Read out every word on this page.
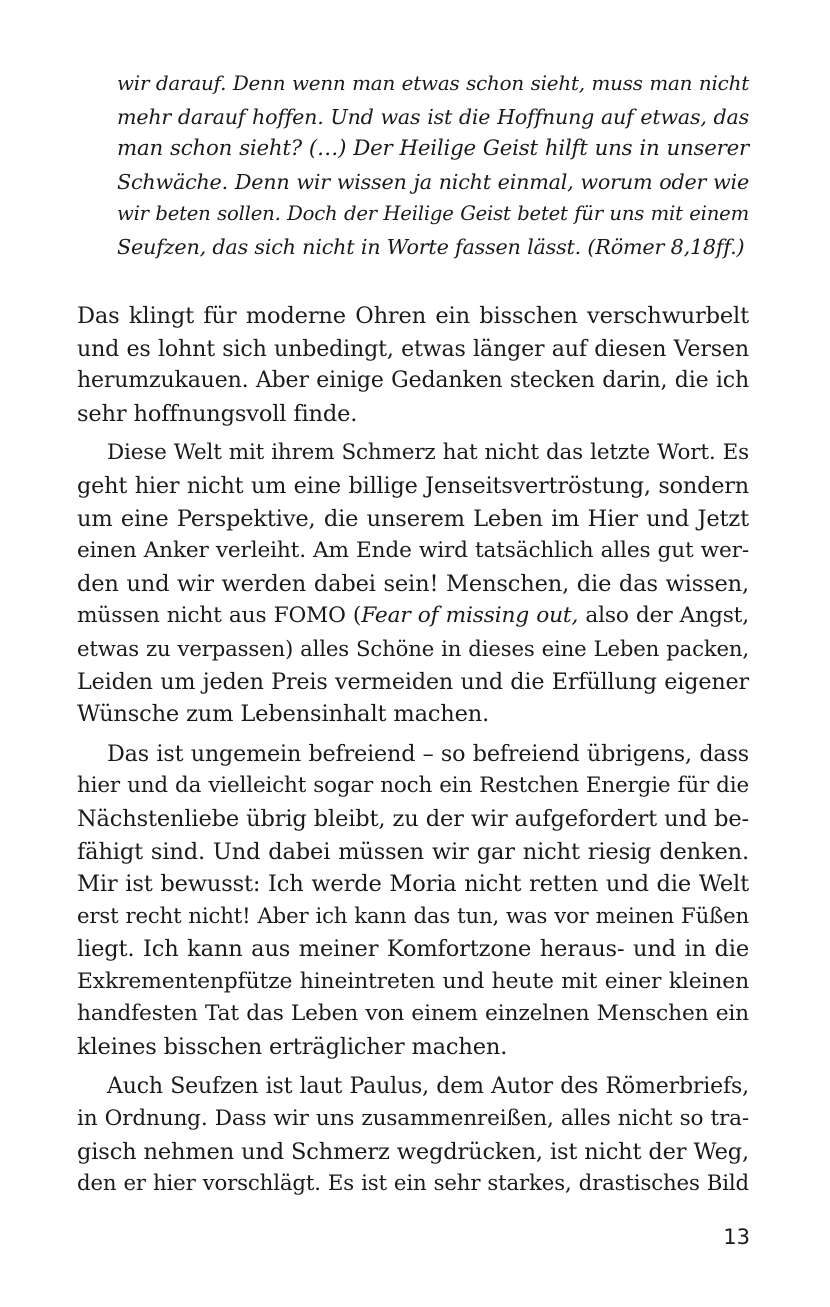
wir darauf. Denn wenn man etwas schon sieht, muss man nicht
mehr darauf hoffen. Und was ist die Hoffnung auf etwas, das
man schon sieht? (…) Der Heilige Geist hilft uns in unserer
Schwäche. Denn wir wissen ja nicht einmal, worum oder wie
wir beten sollen. Doch der Heilige Geist betet für uns mit einem
Seufzen, das sich nicht in Worte fassen lässt. (Römer 8,18ff.)
Das klingt für moderne Ohren ein bisschen verschwurbelt
und es lohnt sich unbedingt, etwas länger auf diesen Versen
herumzukauen. Aber einige Gedanken stecken darin, die ich
sehr hoffnungsvoll finde.
Diese Welt mit ihrem Schmerz hat nicht das letzte Wort. Es
geht hier nicht um eine billige Jenseitsvertröstung, sondern
um eine Perspektive, die unserem Leben im Hier und Jetzt
einen Anker verleiht. Am Ende wird tatsächlich alles gut wer-
den und wir werden dabei sein! Menschen, die das wissen,
müssen nicht aus FOMO (Fear of missing out, also der Angst,
etwas zu verpassen) alles Schöne in dieses eine Leben packen,
Leiden um jeden Preis vermeiden und die Erfüllung eigener
Wünsche zum Lebensinhalt machen.
Das ist ungemein befreiend – so befreiend übrigens, dass
hier und da vielleicht sogar noch ein Restchen Energie für die
Nächstenliebe übrig bleibt, zu der wir aufgefordert und be-
fähigt sind. Und dabei müssen wir gar nicht riesig denken.
Mir ist bewusst: Ich werde Moria nicht retten und die Welt
erst recht nicht! Aber ich kann das tun, was vor meinen Füßen
liegt. Ich kann aus meiner Komfortzone heraus- und in die
Exkrementenpfütze hineintreten und heute mit einer kleinen
handfesten Tat das Leben von einem einzelnen Menschen ein
kleines bisschen erträglicher machen.
Auch Seufzen ist laut Paulus, dem Autor des Römerbriefs,
in Ordnung. Dass wir uns zusammenreißen, alles nicht so tra-
gisch nehmen und Schmerz wegdrücken, ist nicht der Weg,
den er hier vorschlägt. Es ist ein sehr starkes, drastisches Bild
13
